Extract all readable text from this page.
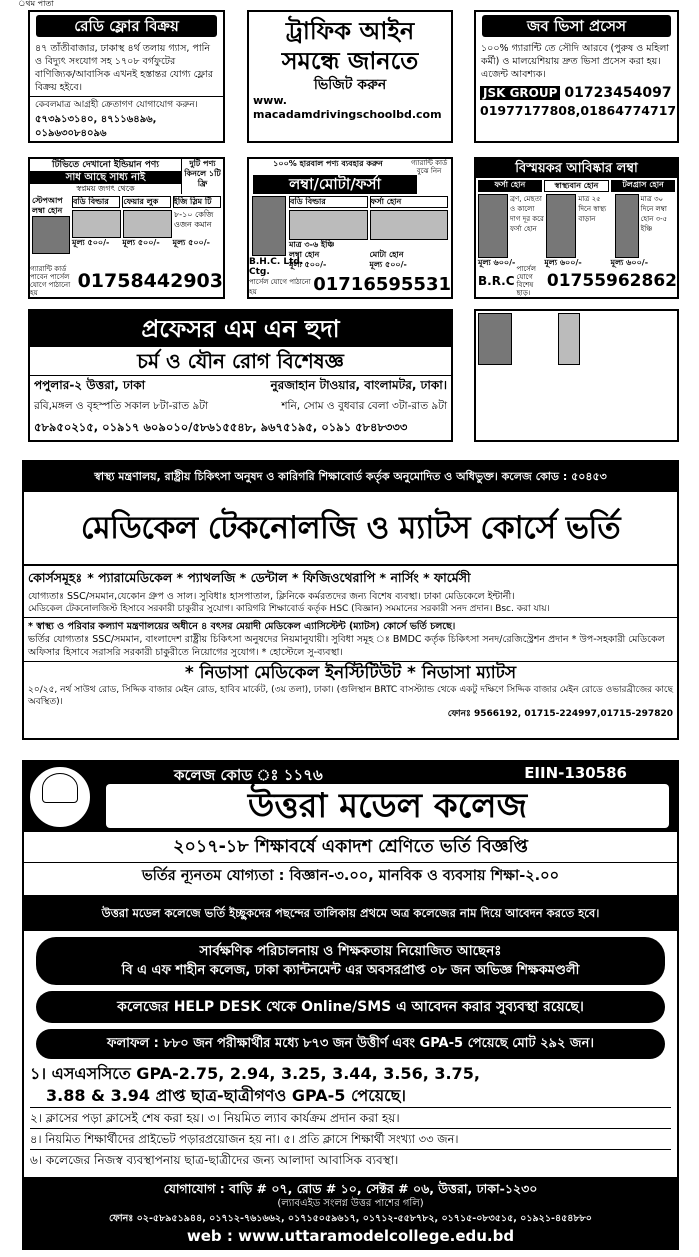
্রথম পাতা
রেডি ফ্লোর বিক্রয়
৪৭ তাঁতীবাজার, ঢাকাস্থ ৪র্থ তলায় গ্যাস, পানি ও বিদ্যুৎ সংযোগ সহ ১৭০৮ বর্গফুটের বাণিজ্যিক/আবাসিক এখনই হস্তান্তর যোগ্য ফ্লোর বিক্রয় হইবে।
কেবলমাত্র আগ্রহী ক্রেতাগণ যোগাযোগ করুন।
৫৭৩৯১৩১৪০, ৪৭১১৬৪৯৬, ০১৯৬৩০৮৪০৯৬
ট্রাফিক আইন
সমন্ধে জানতে
ভিজিট করুন
www.
macadamdrivingschoolbd.com
জব ভিসা প্রসেস
১০০% গ্যারান্টি তে সৌদি আরবে (পুরুষ ও মহিলা কর্মী) ও মালয়েশিয়ায় দ্রুত ভিসা প্রসেস করা হয়। এজেন্ট আবশ্যক।
JSK GROUP 01723454097
01977177808,01864774717
টিভিতে দেখানো ইন্ডিয়ান পণ্য
সাধ আছে সাধ্য নাই
স্বপ্নময় জগৎ থেকে
দুটি পণ্য কিনলে ১টি ফ্রি
স্টেপআপ লম্বা হোন
বডি বিল্ডার	ফেয়ার লুক	ইজি স্লিম টি
৮-১০ কেজি ওজন কমান
মূল্য ৫০০/-	মূল্য ৫০০/-	মূল্য ৫০০/-
গ্যারান্টি কার্ড পাবেন পার্সেল যোগে পাঠানো হয়
01758442903
১০০% হারবাল পণ্য ব্যবহার করুন	গ্যারান্টি কার্ড বুঝে নিন
লম্বা/মোটা/ফর্সা
বডি বিল্ডার	ফর্সা হোন
মাত্র ৩-৬ ইঞ্চি
লম্বা হোন	মোটা হোন
মূল্য ৫০০/-	মূল্য ৫০০/-
B.H.C. Ltd. Ctg.
পার্সেল যোগে পাঠানো হয়	01716595531
বিস্ময়কর আবিষ্কার লম্বা
ফর্সা হোন	স্বাস্থ্যবান হোন	টলগ্রাস হোন
ব্রণ, মেছতা ও কালো দাগ দূর করে ফর্সা হোন
মাত্র ২৫ দিনে স্বাস্থ্য বাড়ান
মাত্র ৩০ দিনে লম্বা হোন ৩-৫ ইঞ্চি
মূল্য ৬০০/-	মূল্য ৬০০/-	মূল্য ৬০০/-
B.R.C
পার্সেল যোগে বিশেষ ছাড়।
01755962862
প্রফেসর এম এন হুদা
চর্ম ও যৌন রোগ বিশেষজ্ঞ
পপুলার-২ উত্তরা, ঢাকা	নুরজাহান টাওয়ার, বাংলামটর, ঢাকা।
রবি,মঙ্গল ও বৃহস্পতি সকাল ৮টা-রাত ৯টা	শনি, সোম ও বুধবার বেলা ৩টা-রাত ৯টা
৫৮৯৫০২১৫, ০১৯১৭ ৬০৯০১০/৫৮৬১৫৫৪৮, ৯৬৭৫১৯৫, ০১৯১ ৫৮৪৮৩৩৩
স্বাস্থ্য মন্ত্রণালয়, রাষ্ট্রীয় চিকিৎসা অনুষদ ও কারিগরি শিক্ষাবোর্ড কর্তৃক অনুমোদিত ও অধিভুক্ত। কলেজ কোড : ৫০৪৫৩
মেডিকেল টেকনোলজি ও ম্যাটস কোর্সে ভর্তি
কোর্সসমূহঃ * প্যারামেডিকেল * প্যাথলজি * ডেন্টাল * ফিজিওথেরাপি * নার্সিং * ফার্মেসী
যোগ্যতাঃ SSC/সমমান,যেকোন গ্রুপ ও সাল। সুবিধাঃ হাসপাতাল, ক্লিনিকে কর্মরতদের জন্য বিশেষ ব্যবস্থা। ঢাকা মেডিকেলে ইন্টার্নী।
মেডিকেল টেকনোলজিস্ট হিসাবে সরকারী চাকুরীর সুযোগ। কারিগরি শিক্ষাবোর্ড কর্তৃক HSC (বিজ্ঞান) সমমানের সরকারী সনদ প্রদান। Bsc. করা যায়।
* স্বাস্থ্য ও পরিবার কল্যাণ মন্ত্রণালয়ের অধীনে ৪ বৎসর মেয়াদী মেডিকেল এ্যাসিস্টেন্ট (ম্যাটস) কোর্সে ভর্তি চলছে।
ভর্তির যোগ্যতাঃ SSC/সমমান, বাংলাদেশ রাষ্ট্রীয় চিকিৎসা অনুষদের নিয়মানুযায়ী। সুবিধা সমূহ ঃ BMDC কর্তৃক চিকিৎসা সনদ/রেজিস্ট্রেশন প্রদান * উপ-সহকারী মেডিকেল অফিসার হিসাবে সরাসরি সরকারী চাকুরীতে নিয়োগের সুযোগ। * হোস্টেলে সু-ব্যবস্থা।
* নিডাসা মেডিকেল ইনস্টিটিউট * নিডাসা ম্যাটস
২০/২৫, নর্থ সাউথ রোড, সিদ্দিক বাজার মেইন রোড, হাবিব মার্কেট, (৩য় তলা), ঢাকা। (গুলিস্থান BRTC বাসস্ট্যান্ড থেকে একটু দক্ষিণে সিদ্দিক বাজার মেইন রোডে ওভারব্রীজের কাছে অবস্থিত)।
ফোনঃ 9566192, 01715-224997,01715-297820
২০০৯
কলেজ কোড ঃ ১১৭৬	EIIN-130586
উত্তরা মডেল কলেজ
২০১৭-১৮ শিক্ষাবর্ষে একাদশ শ্রেণিতে ভর্তি বিজ্ঞপ্তি
ভর্তির ন্যূনতম যোগ্যতা : বিজ্ঞান-৩.০০, মানবিক ও ব্যবসায় শিক্ষা-২.০০
উত্তরা মডেল কলেজে ভর্তি ইচ্ছুকদের পছন্দের তালিকায় প্রথমে অত্র কলেজের নাম দিয়ে আবেদন করতে হবে।
সার্বক্ষণিক পরিচালনায় ও শিক্ষকতায় নিয়োজিত আছেনঃ
বি এ এফ শাহীন কলেজ, ঢাকা ক্যান্টনমেন্ট এর অবসরপ্রাপ্ত ০৮ জন অভিজ্ঞ শিক্ষকমণ্ডলী
কলেজের HELP DESK থেকে Online/SMS এ আবেদন করার সুব্যবস্থা রয়েছে।
ফলাফল : ৮৮০ জন পরীক্ষার্থীর মধ্যে ৮৭৩ জন উত্তীর্ণ এবং GPA-5 পেয়েছে মোট ২৯২ জন।
১। এসএসসিতে GPA-2.75, 2.94, 3.25, 3.44, 3.56, 3.75,
3.88 & 3.94 প্রাপ্ত ছাত্র-ছাত্রীগণও GPA-5 পেয়েছে।
২। ক্লাসের পড়া ক্লাসেই শেষ করা হয়। ৩। নিয়মিত ল্যাব কার্যক্রম প্রদান করা হয়।
৪। নিয়মিত শিক্ষার্থীদের প্রাইভেট পড়ারপ্রয়োজন হয় না। ৫। প্রতি ক্লাসে শিক্ষার্থী সংখ্যা ৩৩ জন।
৬। কলেজের নিজস্ব ব্যবস্থাপনায় ছাত্র-ছাত্রীদের জন্য আলাদা আবাসিক ব্যবস্থা।
যোগাযোগ : বাড়ি # ০৭, রোড # ১০, সেক্টর # ০৬, উত্তরা, ঢাকা-১২৩০
(ল্যাবএইড সংলগ্ন উত্তর পাশের গলি)
ফোনঃ ০২-৫৮৯৫১৯৪৪, ০১৭১২-৭৬১৬৬২, ০১৭১৫০৫৯৬১৭, ০১৭১২-৫৫৮৭৮২, ০১৭১৫-০৮৩৫১৫, ০১৯২১-৪৫৪৮৮০
web : www.uttaramodelcollege.edu.bd
